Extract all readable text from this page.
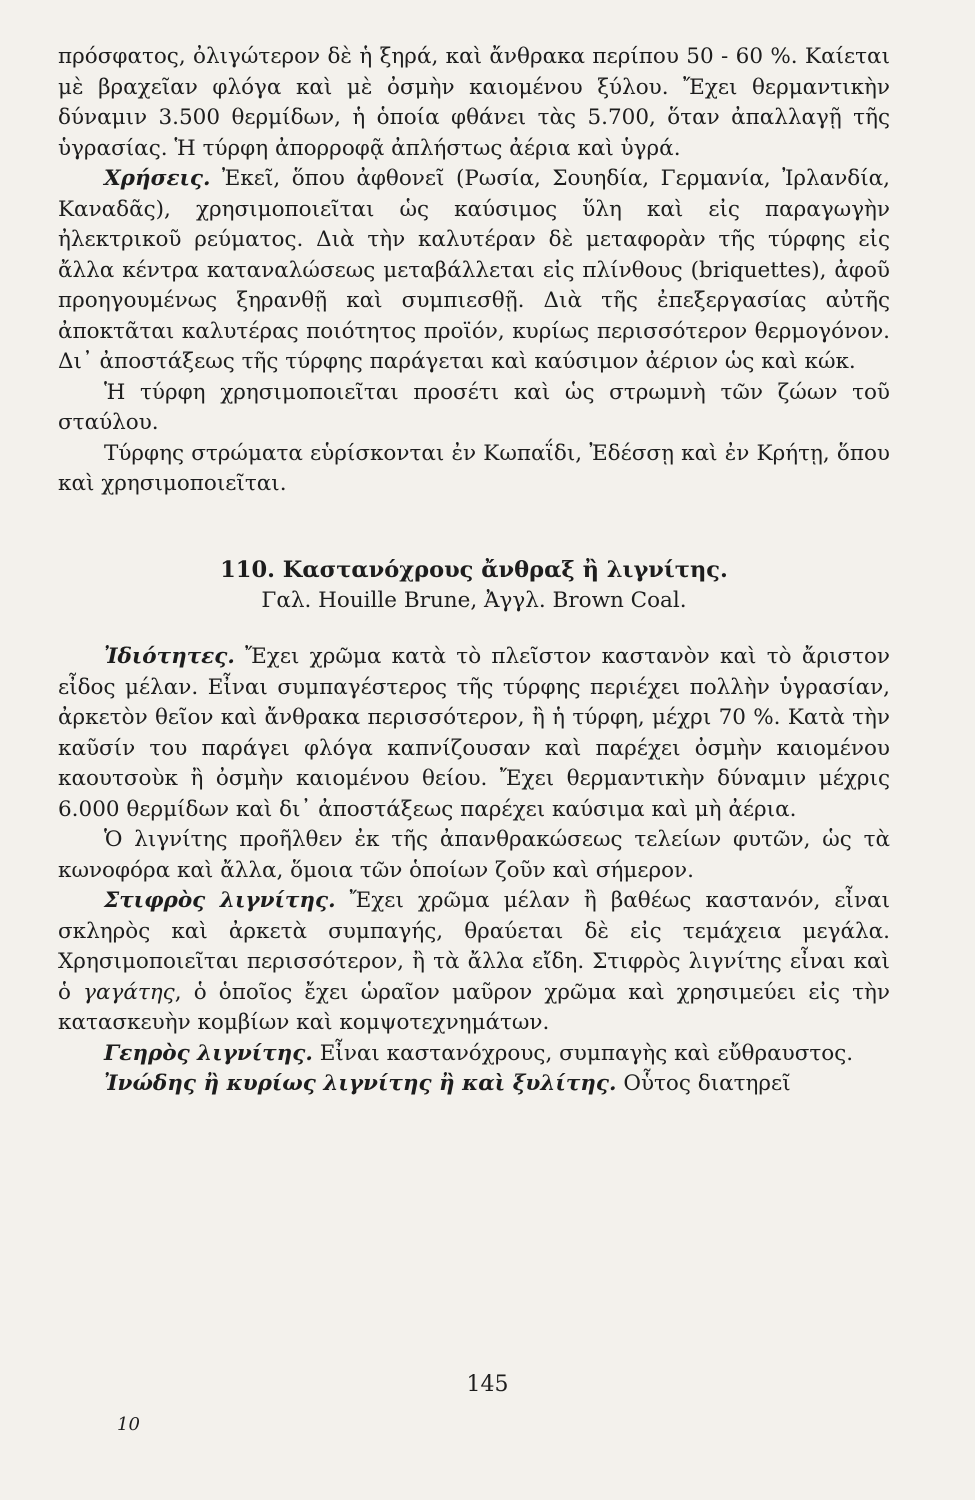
πρόσφατος, ὀλιγώτερον δὲ ἡ ξηρά, καὶ ἄνθρακα περίπου 50 - 60 %. Καίεται μὲ βραχεῖαν φλόγα καὶ μὲ ὀσμὴν καιομένου ξύλου. Ἔχει θερμαντικὴν δύναμιν 3.500 θερμίδων, ἡ ὁποία φθάνει τὰς 5.700, ὅταν ἀπαλλαγῇ τῆς ὑγρασίας. Ἡ τύρφη ἀπορροφᾷ ἀπλήστως ἀέρια καὶ ὑγρά.

Χρήσεις. Ἐκεῖ, ὅπου ἀφθονεῖ (Ρωσία, Σουηδία, Γερμανία, Ἰρλανδία, Καναδᾶς), χρησιμοποιεῖται ὡς καύσιμος ὕλη καὶ εἰς παραγωγὴν ἠλεκτρικοῦ ρεύματος. Διὰ τὴν καλυτέραν δὲ μεταφορὰν τῆς τύρφης εἰς ἄλλα κέντρα καταναλώσεως μεταβάλλεται εἰς πλίνθους (briquettes), ἀφοῦ προηγουμένως ξηρανθῇ καὶ συμπιεσθῇ. Διὰ τῆς ἐπεξεργασίας αὐτῆς ἀποκτᾶται καλυτέρας ποιότητος προϊόν, κυρίως περισσότερον θερμογόνον. Δι᾽ ἀποστάξεως τῆς τύρφης παράγεται καὶ καύσιμον ἀέριον ὡς καὶ κώκ.

Ἡ τύρφη χρησιμοποιεῖται προσέτι καὶ ὡς στρωμνὴ τῶν ζώων τοῦ σταύλου.

Τύρφης στρώματα εὑρίσκονται ἐν Κωπαΐδι, Ἐδέσσῃ καὶ ἐν Κρήτῃ, ὅπου καὶ χρησιμοποιεῖται.

110. Καστανόχρους ἄνθραξ ἢ λιγνίτης.

Γαλ. Houille Brune, Ἀγγλ. Brown Coal.

Ἰδιότητες. Ἔχει χρῶμα κατὰ τὸ πλεῖστον καστανὸν καὶ τὸ ἄριστον εἶδος μέλαν. Εἶναι συμπαγέστερος τῆς τύρφης περιέχει πολλὴν ὑγρασίαν, ἀρκετὸν θεῖον καὶ ἄνθρακα περισσότερον, ἢ ἡ τύρφη, μέχρι 70 %. Κατὰ τὴν καῦσίν του παράγει φλόγα καπνίζουσαν καὶ παρέχει ὀσμὴν καιομένου καουτσοὺκ ἢ ὀσμὴν καιομένου θείου. Ἔχει θερμαντικὴν δύναμιν μέχρις 6.000 θερμίδων καὶ δι᾽ ἀποστάξεως παρέχει καύσιμα καὶ μὴ ἀέρια.

Ὁ λιγνίτης προῆλθεν ἐκ τῆς ἀπανθρακώσεως τελείων φυτῶν, ὡς τὰ κωνοφόρα καὶ ἄλλα, ὅμοια τῶν ὁποίων ζοῦν καὶ σήμερον.

Στιφρὸς λιγνίτης. Ἔχει χρῶμα μέλαν ἢ βαθέως καστανόν, εἶναι σκληρὸς καὶ ἀρκετὰ συμπαγής, θραύεται δὲ εἰς τεμάχεια μεγάλα. Χρησιμοποιεῖται περισσότερον, ἢ τὰ ἄλλα εἴδη. Στιφρὸς λιγνίτης εἶναι καὶ ὁ γαγάτης, ὁ ὁποῖος ἔχει ὡραῖον μαῦρον χρῶμα καὶ χρησιμεύει εἰς τὴν κατασκευὴν κομβίων καὶ κομψοτεχνημάτων.

Γεηρὸς λιγνίτης. Εἶναι καστανόχρους, συμπαγὴς καὶ εὔθραυστος.

Ἰνώδης ἢ κυρίως λιγνίτης ἢ καὶ ξυλίτης. Οὗτος διατηρεῖ

145
10
